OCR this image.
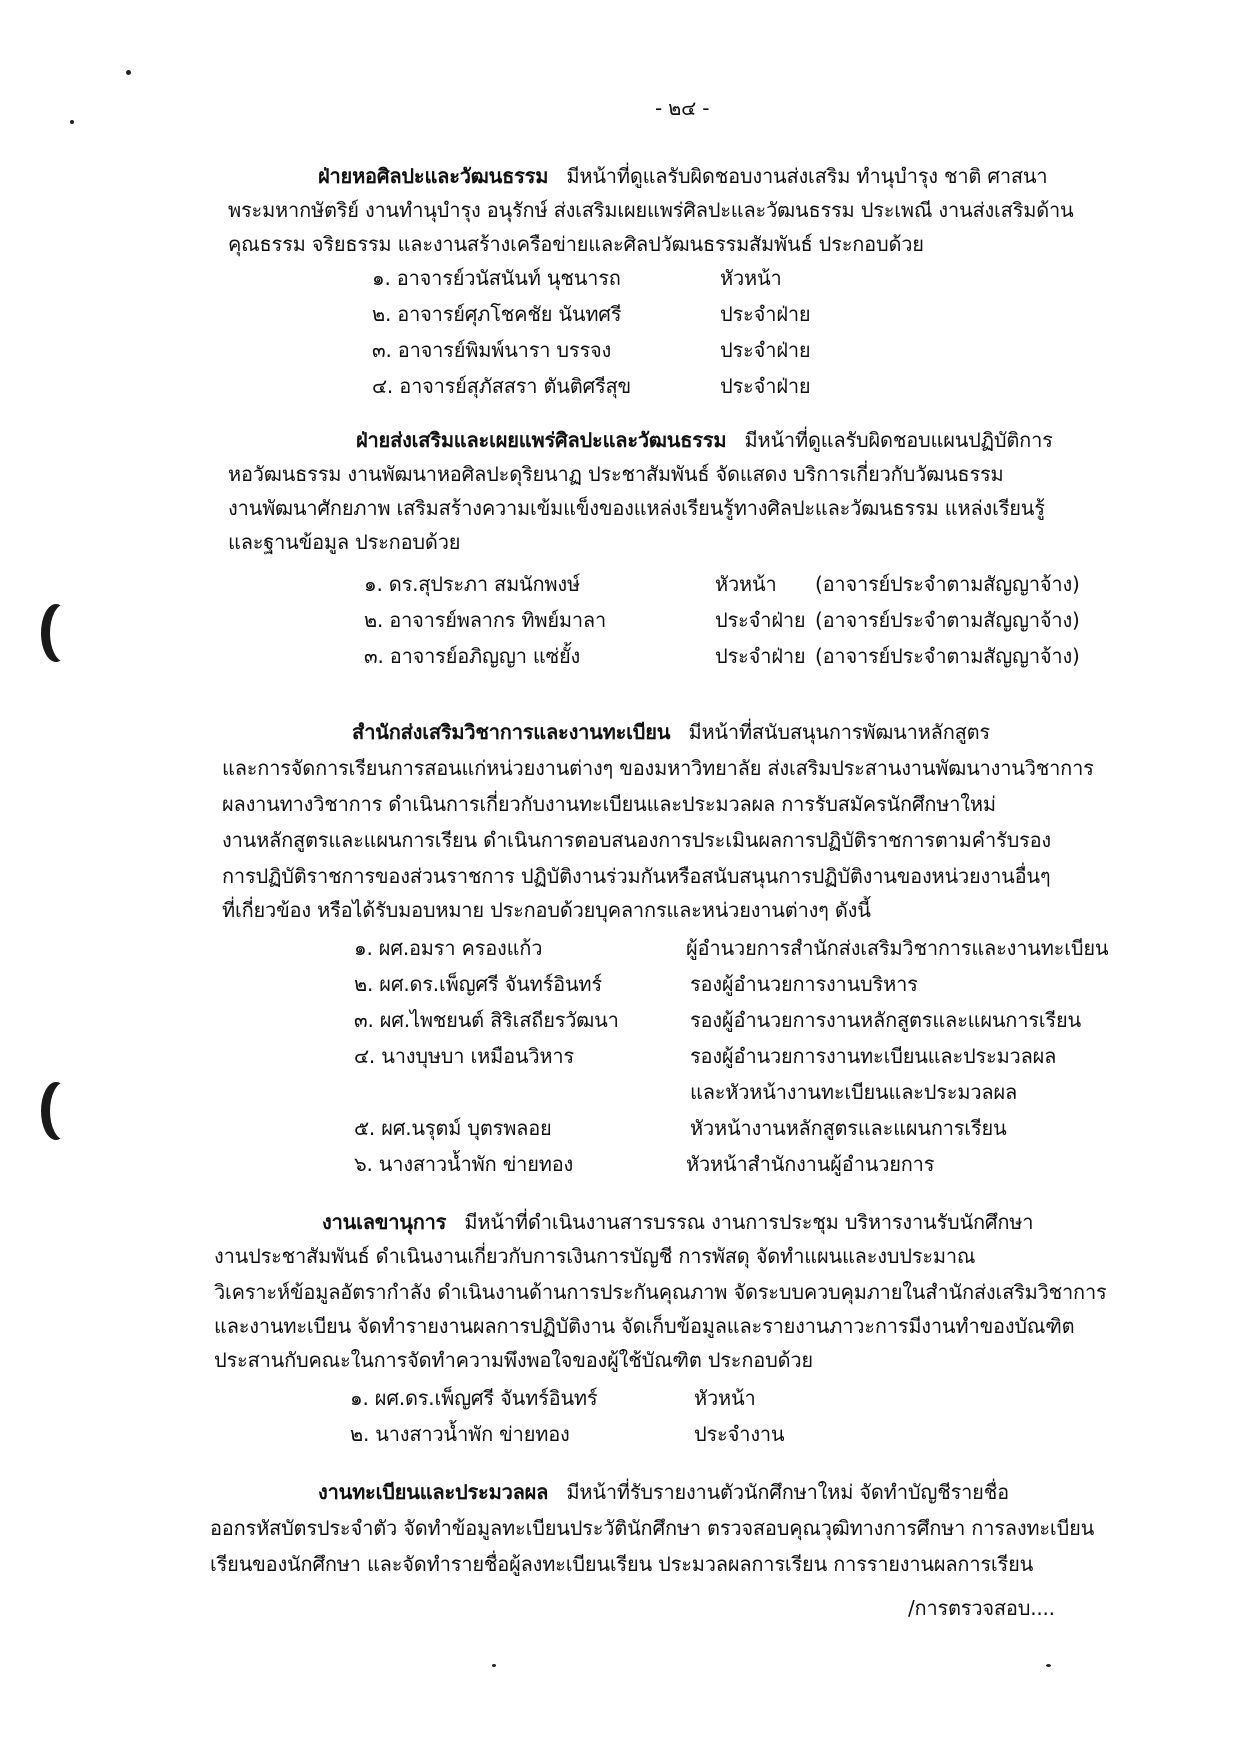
- ๒๔ -
ฝ่ายหอศิลปะและวัฒนธรรม มีหน้าที่ดูแลรับผิดชอบงานส่งเสริม ทำนุบำรุง ชาติ ศาสนา
พระมหากษัตริย์ งานทำนุบำรุง อนุรักษ์ ส่งเสริมเผยแพร่ศิลปะและวัฒนธรรม ประเพณี งานส่งเสริมด้าน
คุณธรรม จริยธรรม และงานสร้างเครือข่ายและศิลปวัฒนธรรมสัมพันธ์ ประกอบด้วย
๑. อาจารย์วนัสนันท์ นุชนารถ	หัวหน้า
๒. อาจารย์ศุภโชคชัย นันทศรี	ประจำฝ่าย
๓. อาจารย์พิมพ์นารา บรรจง	ประจำฝ่าย
๔. อาจารย์สุภัสสรา ตันติศรีสุข	ประจำฝ่าย
ฝ่ายส่งเสริมและเผยแพร่ศิลปะและวัฒนธรรม มีหน้าที่ดูแลรับผิดชอบแผนปฏิบัติการ
หอวัฒนธรรม งานพัฒนาหอศิลปะดุริยนาฏ ประชาสัมพันธ์ จัดแสดง บริการเกี่ยวกับวัฒนธรรม
งานพัฒนาศักยภาพ เสริมสร้างความเข้มแข็งของแหล่งเรียนรู้ทางศิลปะและวัฒนธรรม แหล่งเรียนรู้
และฐานข้อมูล ประกอบด้วย
๑. ดร.สุประภา สมนักพงษ์	หัวหน้า (อาจารย์ประจำตามสัญญาจ้าง)
๒. อาจารย์พลากร ทิพย์มาลา	ประจำฝ่าย (อาจารย์ประจำตามสัญญาจ้าง)
๓. อาจารย์อภิญญา แซ่ยั้ง	ประจำฝ่าย (อาจารย์ประจำตามสัญญาจ้าง)
สำนักส่งเสริมวิชาการและงานทะเบียน มีหน้าที่สนับสนุนการพัฒนาหลักสูตร
และการจัดการเรียนการสอนแก่หน่วยงานต่างๆ ของมหาวิทยาลัย ส่งเสริมประสานงานพัฒนางานวิชาการ
ผลงานทางวิชาการ ดำเนินการเกี่ยวกับงานทะเบียนและประมวลผล การรับสมัครนักศึกษาใหม่
งานหลักสูตรและแผนการเรียน ดำเนินการตอบสนองการประเมินผลการปฏิบัติราชการตามคำรับรอง
การปฏิบัติราชการของส่วนราชการ ปฏิบัติงานร่วมกันหรือสนับสนุนการปฏิบัติงานของหน่วยงานอื่นๆ
ที่เกี่ยวข้อง หรือได้รับมอบหมาย ประกอบด้วยบุคลากรและหน่วยงานต่างๆ ดังนี้
๑. ผศ.อมรา ครองแก้ว	ผู้อำนวยการสำนักส่งเสริมวิชาการและงานทะเบียน
๒. ผศ.ดร.เพ็ญศรี จันทร์อินทร์	รองผู้อำนวยการงานบริหาร
๓. ผศ.ไพชยนต์ สิริเสถียรวัฒนา	รองผู้อำนวยการงานหลักสูตรและแผนการเรียน
๔. นางบุษบา เหมือนวิหาร	รองผู้อำนวยการงานทะเบียนและประมวลผล
และหัวหน้างานทะเบียนและประมวลผล
๕. ผศ.นรุตม์ บุตรพลอย	หัวหน้างานหลักสูตรและแผนการเรียน
๖. นางสาวน้ำพัก ข่ายทอง	หัวหน้าสำนักงานผู้อำนวยการ
งานเลขานุการ มีหน้าที่ดำเนินงานสารบรรณ งานการประชุม บริหารงานรับนักศึกษา
งานประชาสัมพันธ์ ดำเนินงานเกี่ยวกับการเงินการบัญชี การพัสดุ จัดทำแผนและงบประมาณ
วิเคราะห์ข้อมูลอัตรากำลัง ดำเนินงานด้านการประกันคุณภาพ จัดระบบควบคุมภายในสำนักส่งเสริมวิชาการ
และงานทะเบียน จัดทำรายงานผลการปฏิบัติงาน จัดเก็บข้อมูลและรายงานภาวะการมีงานทำของบัณฑิต
ประสานกับคณะในการจัดทำความพึงพอใจของผู้ใช้บัณฑิต ประกอบด้วย
๑. ผศ.ดร.เพ็ญศรี จันทร์อินทร์	หัวหน้า
๒. นางสาวน้ำพัก ข่ายทอง	ประจำงาน
งานทะเบียนและประมวลผล มีหน้าที่รับรายงานตัวนักศึกษาใหม่ จัดทำบัญชีรายชื่อ
ออกรหัสบัตรประจำตัว จัดทำข้อมูลทะเบียนประวัตินักศึกษา ตรวจสอบคุณวุฒิทางการศึกษา การลงทะเบียน
เรียนของนักศึกษา และจัดทำรายชื่อผู้ลงทะเบียนเรียน ประมวลผลการเรียน การรายงานผลการเรียน
/การตรวจสอบ....
